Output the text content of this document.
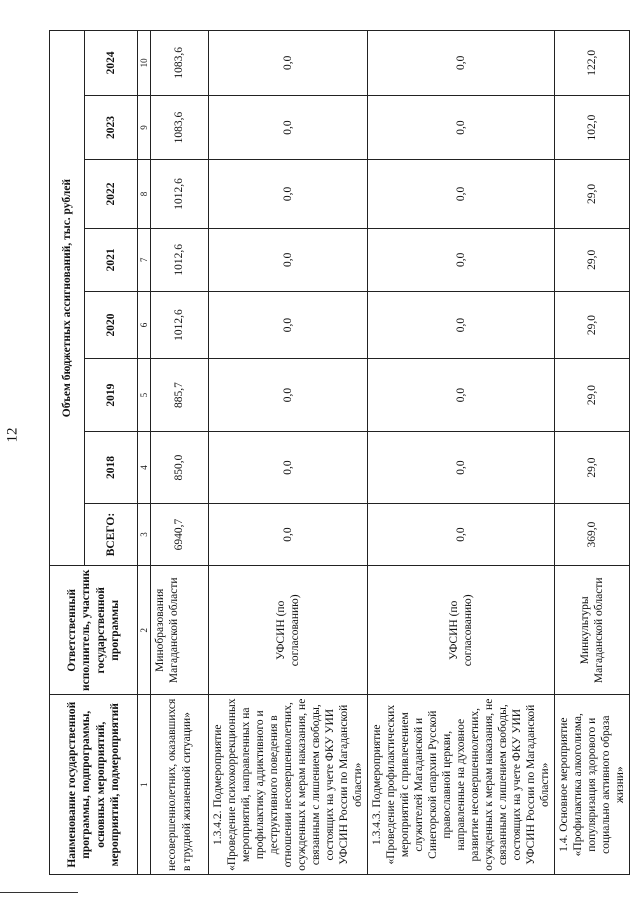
12
Наименование государственной программы, подпрограммы, основных мероприятий, мероприятий, подмероприятий	Ответственный исполнитель, участник государственной программы	Объем бюджетных ассигнований, тыс. рублей							
		ВСЕГО:	2018	2019	2020	2021	2022	2023	2024
1	2	3	4	5	6	7	8	9	10
несовершеннолетних, оказавшихся в трудной жизненной ситуации»	Минобразования Магаданской области	6940,7	850,0	885,7	1012,6	1012,6	1012,6	1083,6	1083,6
1.3.4.2. Подмероприятие «Проведение психокоррекционных мероприятий, направленных на профилактику аддиктивного и деструктивного поведения в отношении несовершеннолетних, осужденных к мерам наказания, не связанным с лишением свободы, состоящих на учете ФКУ УИИ УФСИН России по Магаданской области»	УФСИН (по согласованию)	0,0	0,0	0,0	0,0	0,0	0,0	0,0	0,0
1.3.4.3. Подмероприятие «Проведение профилактических мероприятий с привлечением служителей Магаданской и Синегорской епархии Русской православной церкви, направленные на духовное развитие несовершеннолетних, осужденных к мерам наказания, не связанным с лишением свободы, состоящих на учете ФКУ УИИ УФСИН России по Магаданской области»	УФСИН (по согласованию)	0,0	0,0	0,0	0,0	0,0	0,0	0,0	0,0
1.4. Основное мероприятие «Профилактика алкоголизма, популяризация здорового и социально активного образа жизни»	Минкультуры Магаданской области	369,0	29,0	29,0	29,0	29,0	29,0	102,0	122,0
